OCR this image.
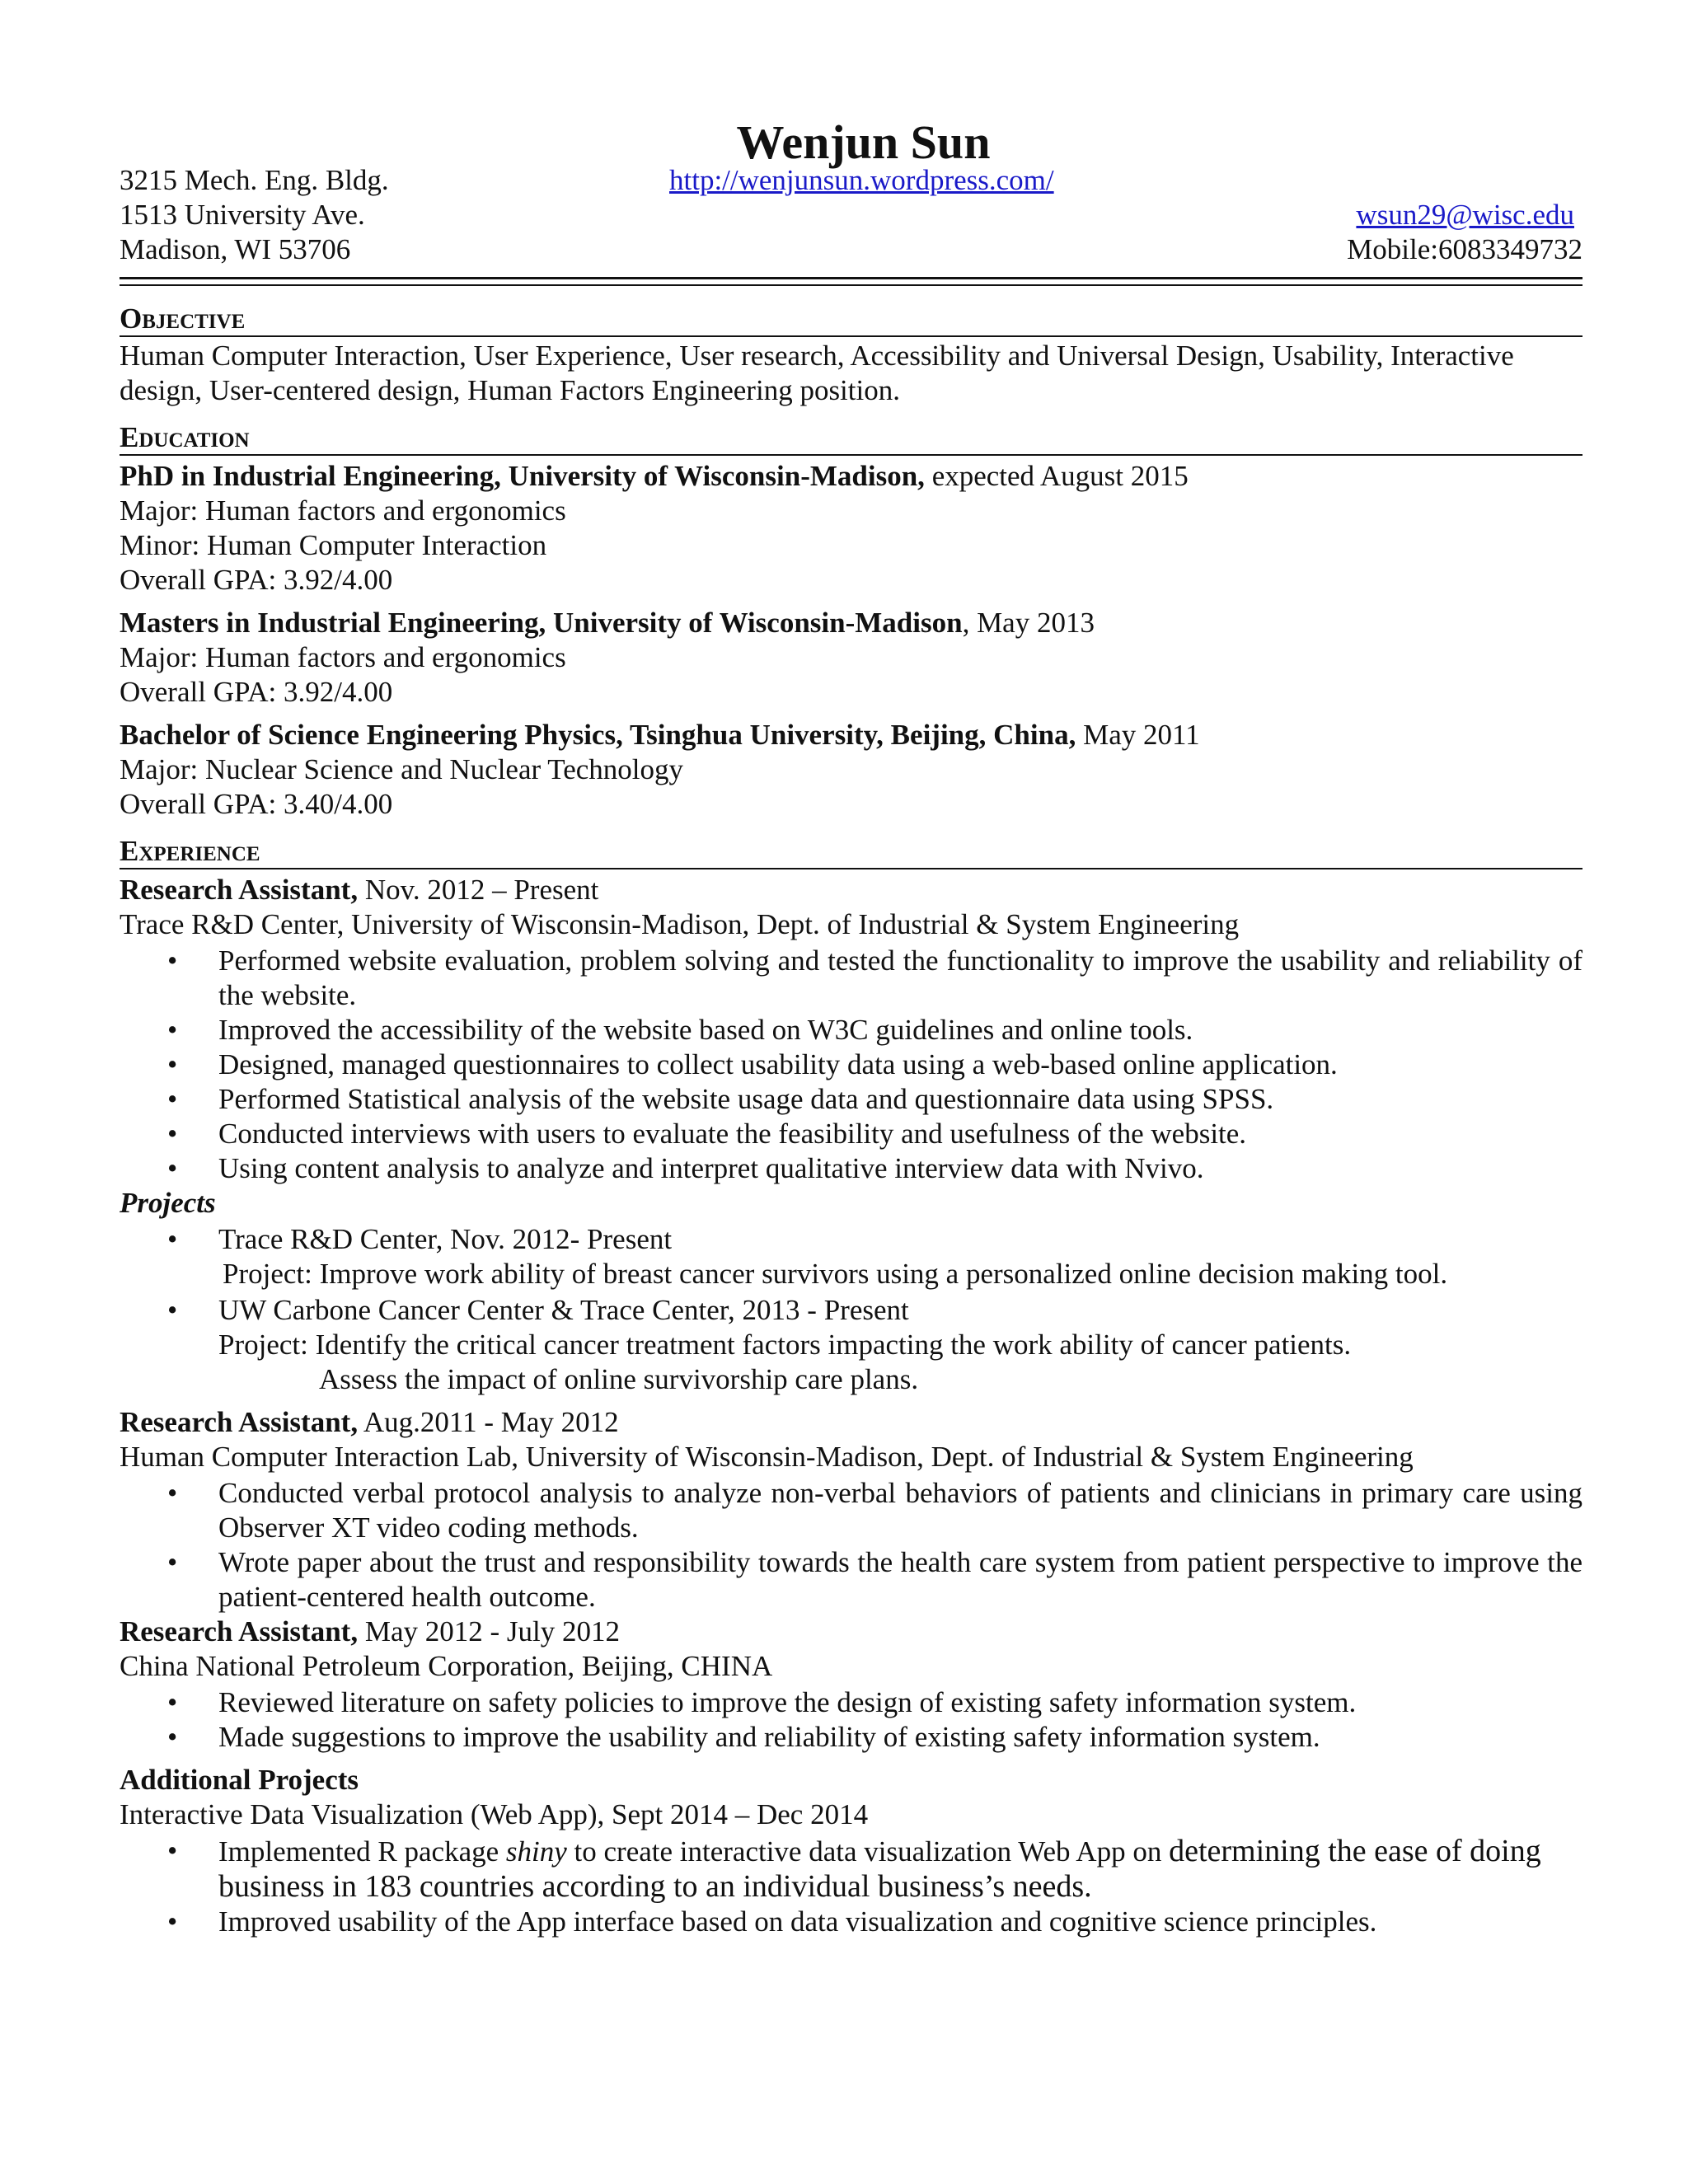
Wenjun Sun
3215 Mech. Eng. Bldg.	http://wenjunsun.wordpress.com/
1513 University Ave.	wsun29@wisc.edu
Madison, WI 53706	Mobile:6083349732
Objective
Human Computer Interaction, User Experience, User research, Accessibility and Universal Design, Usability, Interactive design, User-centered design, Human Factors Engineering position.
Education
PhD in Industrial Engineering, University of Wisconsin-Madison, expected August 2015
Major: Human factors and ergonomics
Minor: Human Computer Interaction
Overall GPA: 3.92/4.00
Masters in Industrial Engineering, University of Wisconsin-Madison, May 2013
Major: Human factors and ergonomics
Overall GPA: 3.92/4.00
Bachelor of Science Engineering Physics, Tsinghua University, Beijing, China, May 2011
Major: Nuclear Science and Nuclear Technology
Overall GPA: 3.40/4.00
Experience
Research Assistant, Nov. 2012 – Present
Trace R&D Center, University of Wisconsin-Madison, Dept. of Industrial & System Engineering
• Performed website evaluation, problem solving and tested the functionality to improve the usability and reliability of the website.
• Improved the accessibility of the website based on W3C guidelines and online tools.
• Designed, managed questionnaires to collect usability data using a web-based online application.
• Performed Statistical analysis of the website usage data and questionnaire data using SPSS.
• Conducted interviews with users to evaluate the feasibility and usefulness of the website.
• Using content analysis to analyze and interpret qualitative interview data with Nvivo.
Projects
• Trace R&D Center, Nov. 2012- Present
Project: Improve work ability of breast cancer survivors using a personalized online decision making tool.
• UW Carbone Cancer Center & Trace Center, 2013 - Present
Project: Identify the critical cancer treatment factors impacting the work ability of cancer patients.
Assess the impact of online survivorship care plans.
Research Assistant, Aug.2011 - May 2012
Human Computer Interaction Lab, University of Wisconsin-Madison, Dept. of Industrial & System Engineering
• Conducted verbal protocol analysis to analyze non-verbal behaviors of patients and clinicians in primary care using Observer XT video coding methods.
• Wrote paper about the trust and responsibility towards the health care system from patient perspective to improve the patient-centered health outcome.
Research Assistant, May 2012 - July 2012
China National Petroleum Corporation, Beijing, CHINA
• Reviewed literature on safety policies to improve the design of existing safety information system.
• Made suggestions to improve the usability and reliability of existing safety information system.
Additional Projects
Interactive Data Visualization (Web App), Sept 2014 – Dec 2014
• Implemented R package shiny to create interactive data visualization Web App on determining the ease of doing business in 183 countries according to an individual business’s needs.
• Improved usability of the App interface based on data visualization and cognitive science principles.
